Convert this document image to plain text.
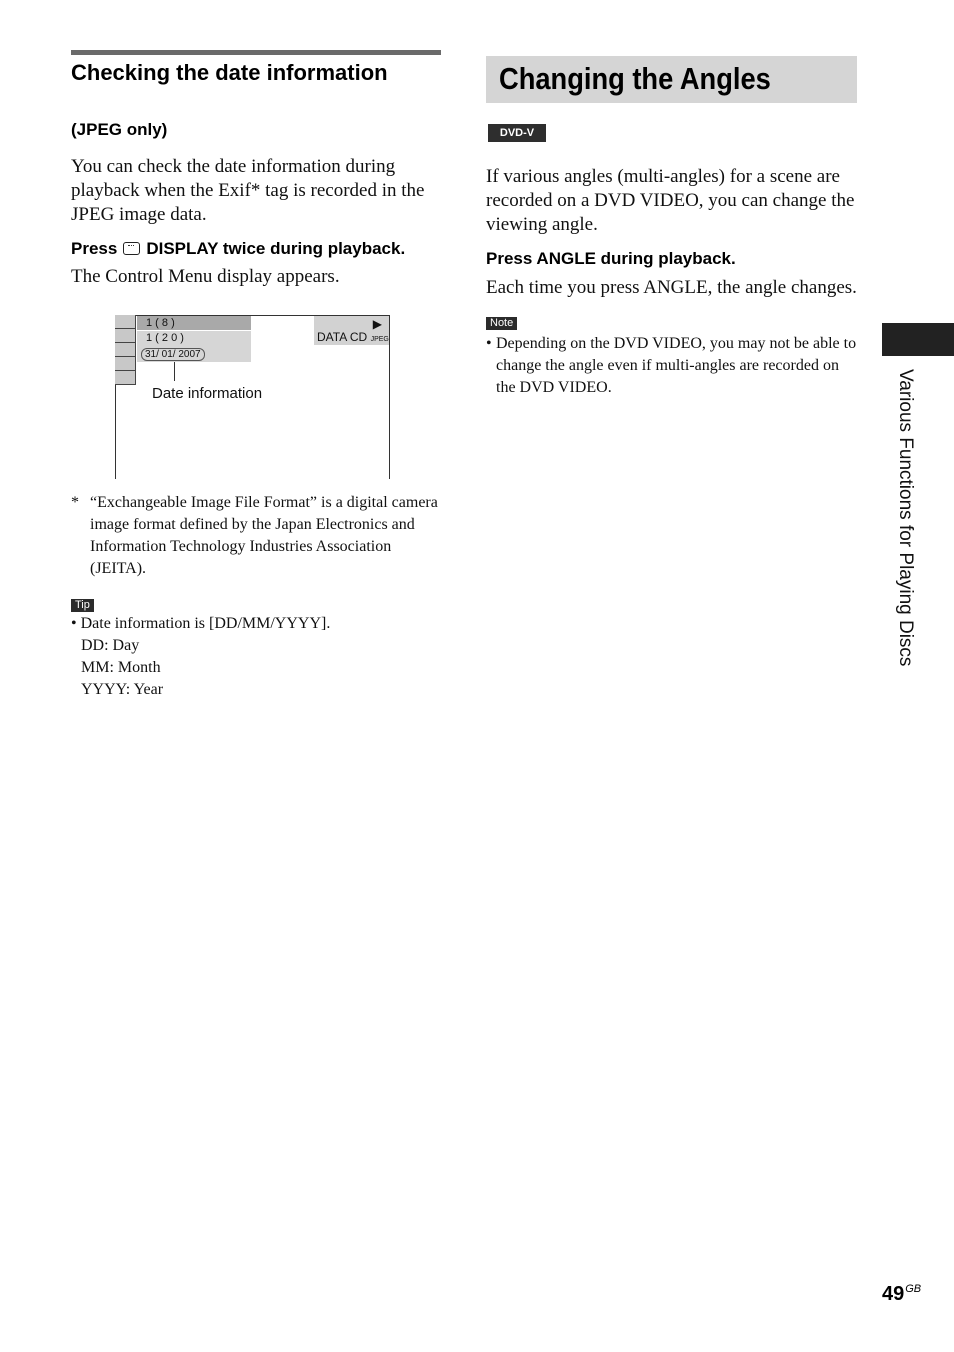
Checking the date information
(JPEG only)
You can check the date information during playback when the Exif* tag is recorded in the JPEG image data.
Press DISPLAY twice during playback.
The Control Menu display appears.
1 ( 8 )
1 ( 2 0 )
31/ 01/ 2007
▶
DATA CD JPEG
Date information
* “Exchangeable Image File Format” is a digital camera image format defined by the Japan Electronics and Information Technology Industries Association (JEITA).
Tip
• Date information is [DD/MM/YYYY].
DD: Day
MM: Month
YYYY: Year
Changing the Angles
DVD-V
If various angles (multi-angles) for a scene are recorded on a DVD VIDEO, you can change the viewing angle.
Press ANGLE during playback.
Each time you press ANGLE, the angle changes.
Note
• Depending on the DVD VIDEO, you may not be able to change the angle even if multi-angles are recorded on the DVD VIDEO.	Various Functions for Playing Discs
$49^{GB}$
